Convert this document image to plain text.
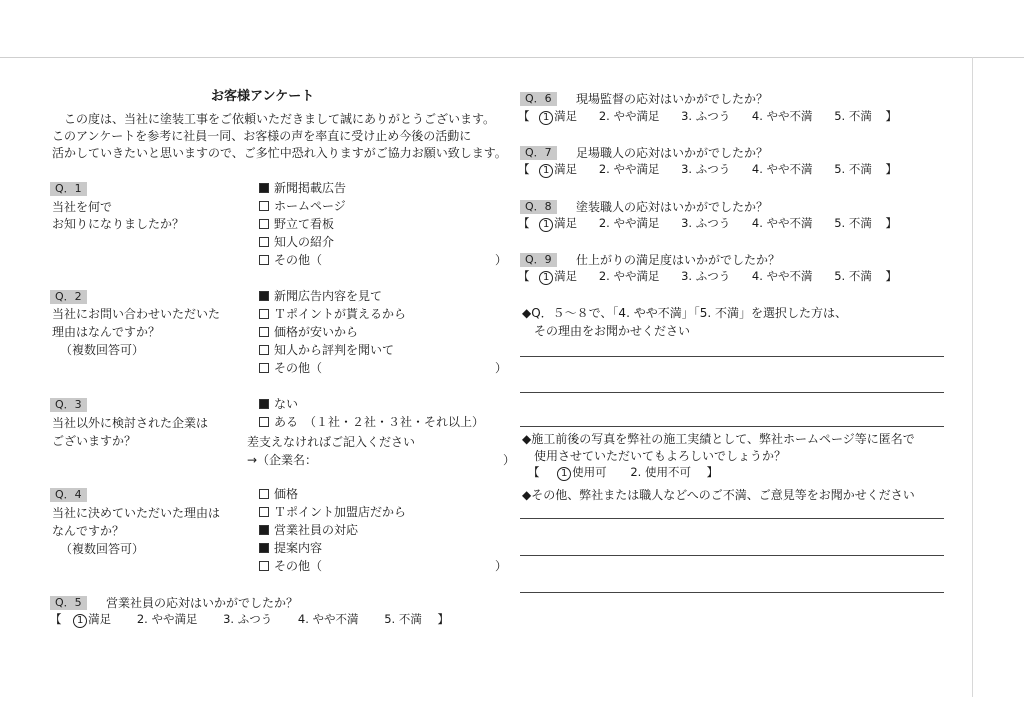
お客様アンケート
この度は、当社に塗装工事をご依頼いただきまして誠にありがとうございます。
このアンケートを参考に社員一同、お客様の声を率直に受け止め今後の活動に
活かしていきたいと思いますので、ご多忙中恐れ入りますがご協力お願い致します。
Q．1
当社を何で
お知りになりましたか？
新聞掲載広告
ホームページ
野立て看板
知人の紹介
その他（	）
Q．2
当社にお問い合わせいただいた
理由はなんですか？
（複数回答可）
新聞広告内容を見て
Ｔポイントが貰えるから
価格が安いから
知人から評判を聞いて
その他（	）
Q．3
当社以外に検討された企業は
ございますか？
ない
ある　（１社・２社・３社・それ以上）
差支えなければご記入ください
→（企業名：	）
Q．4
当社に決めていただいた理由は
なんですか？
（複数回答可）
価格
Ｔポイント加盟店だから
営業社員の対応
提案内容
その他（	）
Q．5	営業社員の応対はいかがでしたか？
【 1 満足 2. やや満足 3. ふつう 4. やや不満 5. 不満 】
Q．6	現場監督の応対はいかがでしたか？
【 1 満足 2. やや満足 3. ふつう 4. やや不満 5. 不満 】
Q．7	足場職人の応対はいかがでしたか？
【 1 満足 2. やや満足 3. ふつう 4. やや不満 5. 不満 】
Q．8	塗装職人の応対はいかがでしたか？
【 1 満足 2. やや満足 3. ふつう 4. やや不満 5. 不満 】
Q．9	仕上がりの満足度はいかがでしたか？
【 1 満足 2. やや満足 3. ふつう 4. やや不満 5. 不満 】
◆Q．５～８で、「4. やや不満」「5. 不満」を選択した方は、
その理由をお聞かせください
◆施工前後の写真を弊社の施工実績として、弊社ホームページ等に匿名で
使用させていただいてもよろしいでしょうか？
【 1 使用可 2. 使用不可 】
◆その他、弊社または職人などへのご不満、ご意見等をお聞かせください
